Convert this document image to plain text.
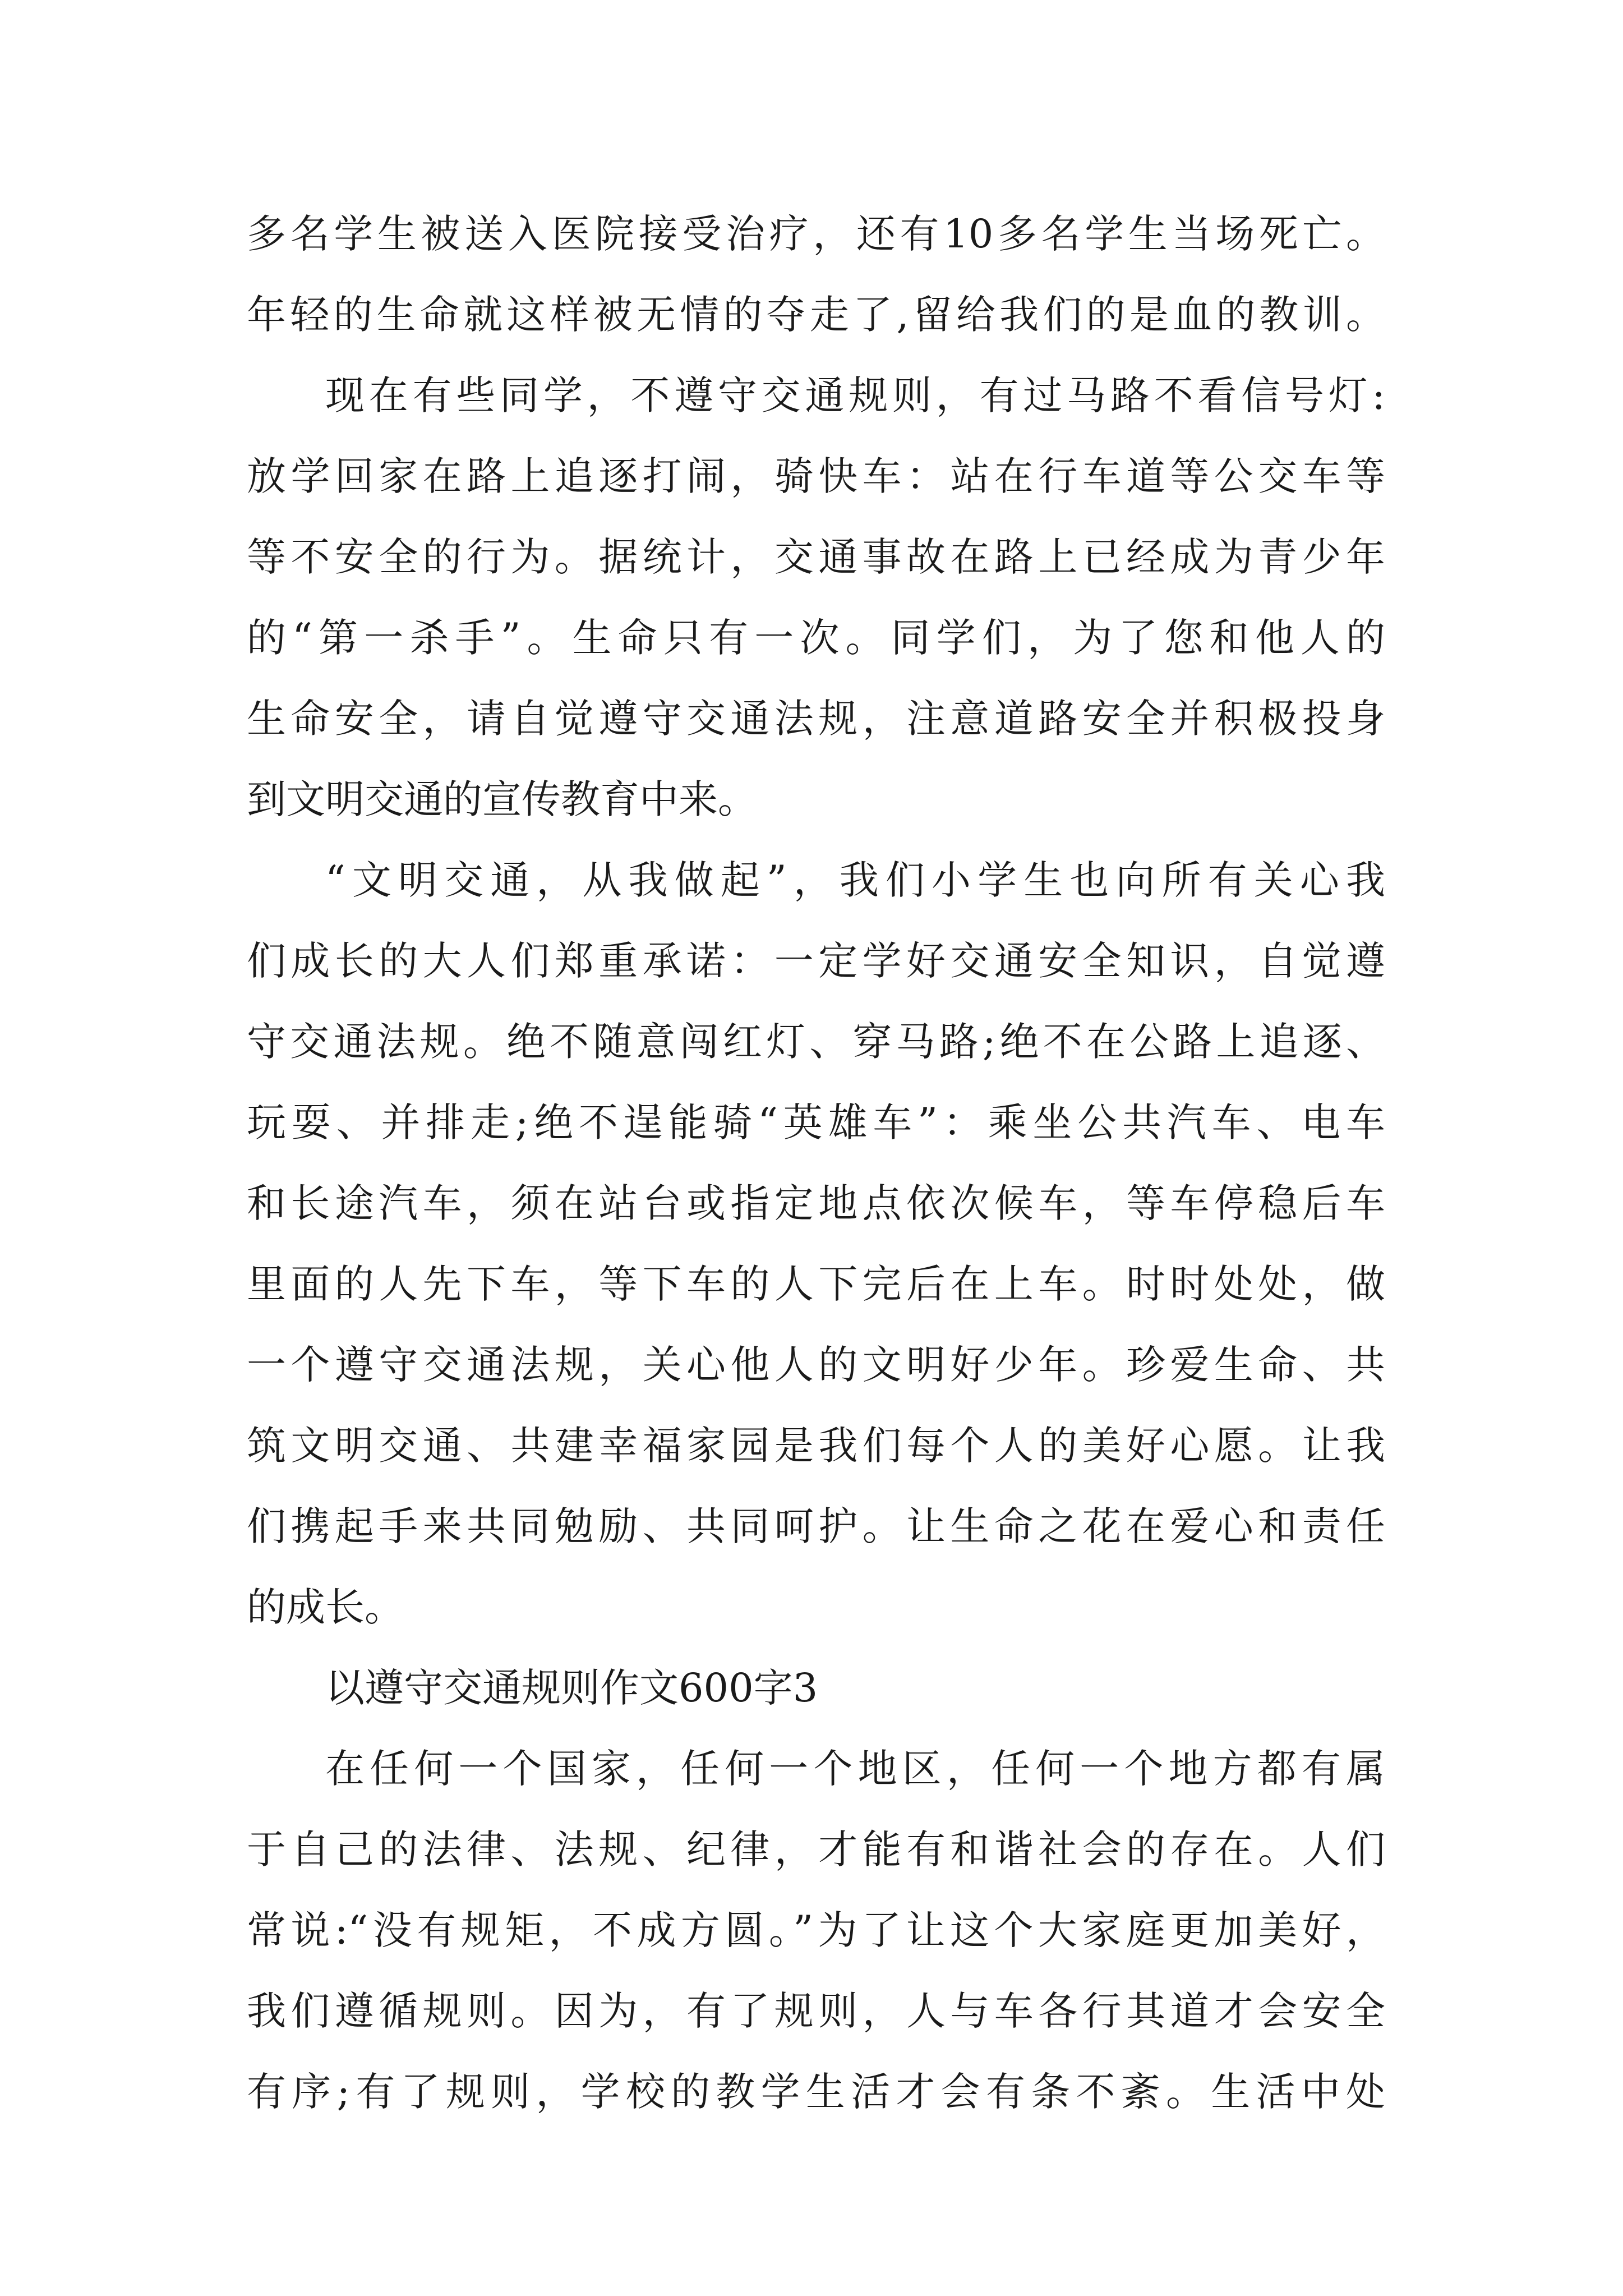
多名学生被送入医院接受治疗，还有10多名学生当场死亡。
年轻的生命就这样被无情的夺走了,留给我们的是血的教训。
现在有些同学，不遵守交通规则，有过马路不看信号灯:
放学回家在路上追逐打闹，骑快车：站在行车道等公交车等
等不安全的行为。据统计，交通事故在路上已经成为青少年
的“第一杀手”。生命只有一次。同学们，为了您和他人的
生命安全，请自觉遵守交通法规，注意道路安全并积极投身
到文明交通的宣传教育中来。
“文明交通，从我做起”，我们小学生也向所有关心我
们成长的大人们郑重承诺：一定学好交通安全知识，自觉遵
守交通法规。绝不随意闯红灯、穿马路;绝不在公路上追逐、
玩耍、并排走;绝不逞能骑“英雄车”：乘坐公共汽车、电车
和长途汽车，须在站台或指定地点依次候车，等车停稳后车
里面的人先下车，等下车的人下完后在上车。时时处处，做
一个遵守交通法规，关心他人的文明好少年。珍爱生命、共
筑文明交通、共建幸福家园是我们每个人的美好心愿。让我
们携起手来共同勉励、共同呵护。让生命之花在爱心和责任
的成长。
以遵守交通规则作文600字3
在任何一个国家，任何一个地区，任何一个地方都有属
于自己的法律、法规、纪律，才能有和谐社会的存在。人们
常说:“没有规矩，不成方圆。”为了让这个大家庭更加美好，
我们遵循规则。因为，有了规则，人与车各行其道才会安全
有序;有了规则，学校的教学生活才会有条不紊。生活中处
